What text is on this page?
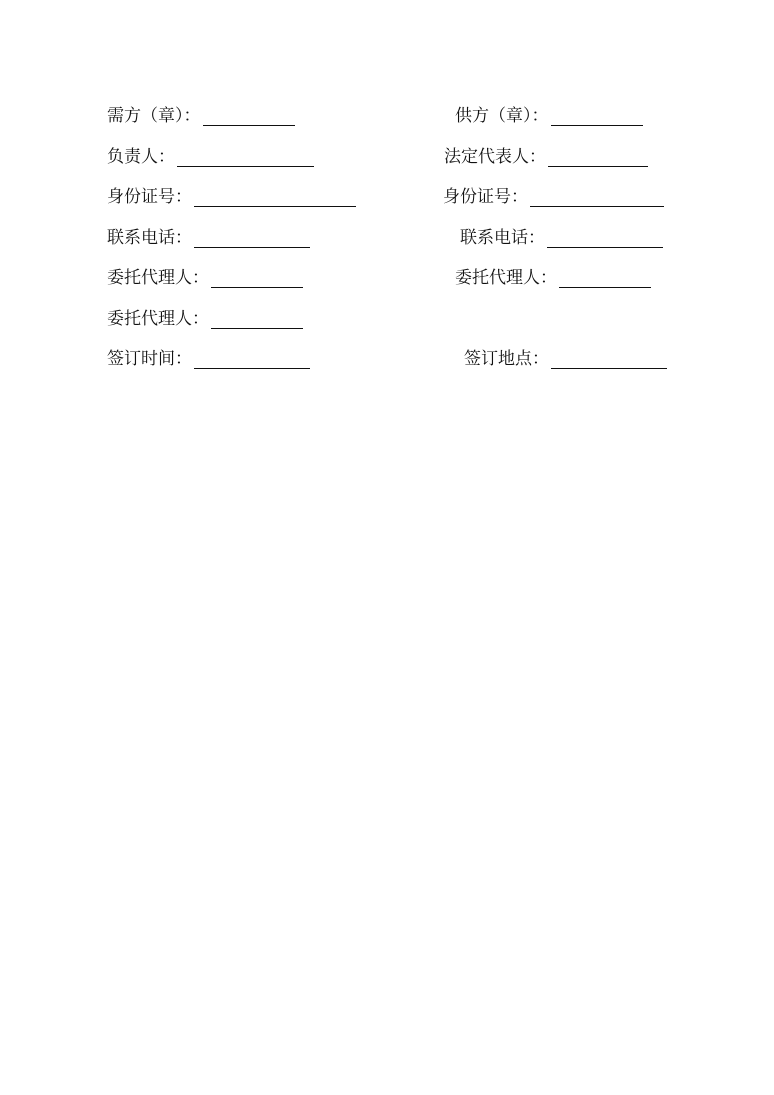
需方（章）：
负责人：
身份证号：
联系电话：
委托代理人：
委托代理人：
签订时间：
供方（章）：
法定代表人：
身份证号：
联系电话：
委托代理人：
签订地点：
